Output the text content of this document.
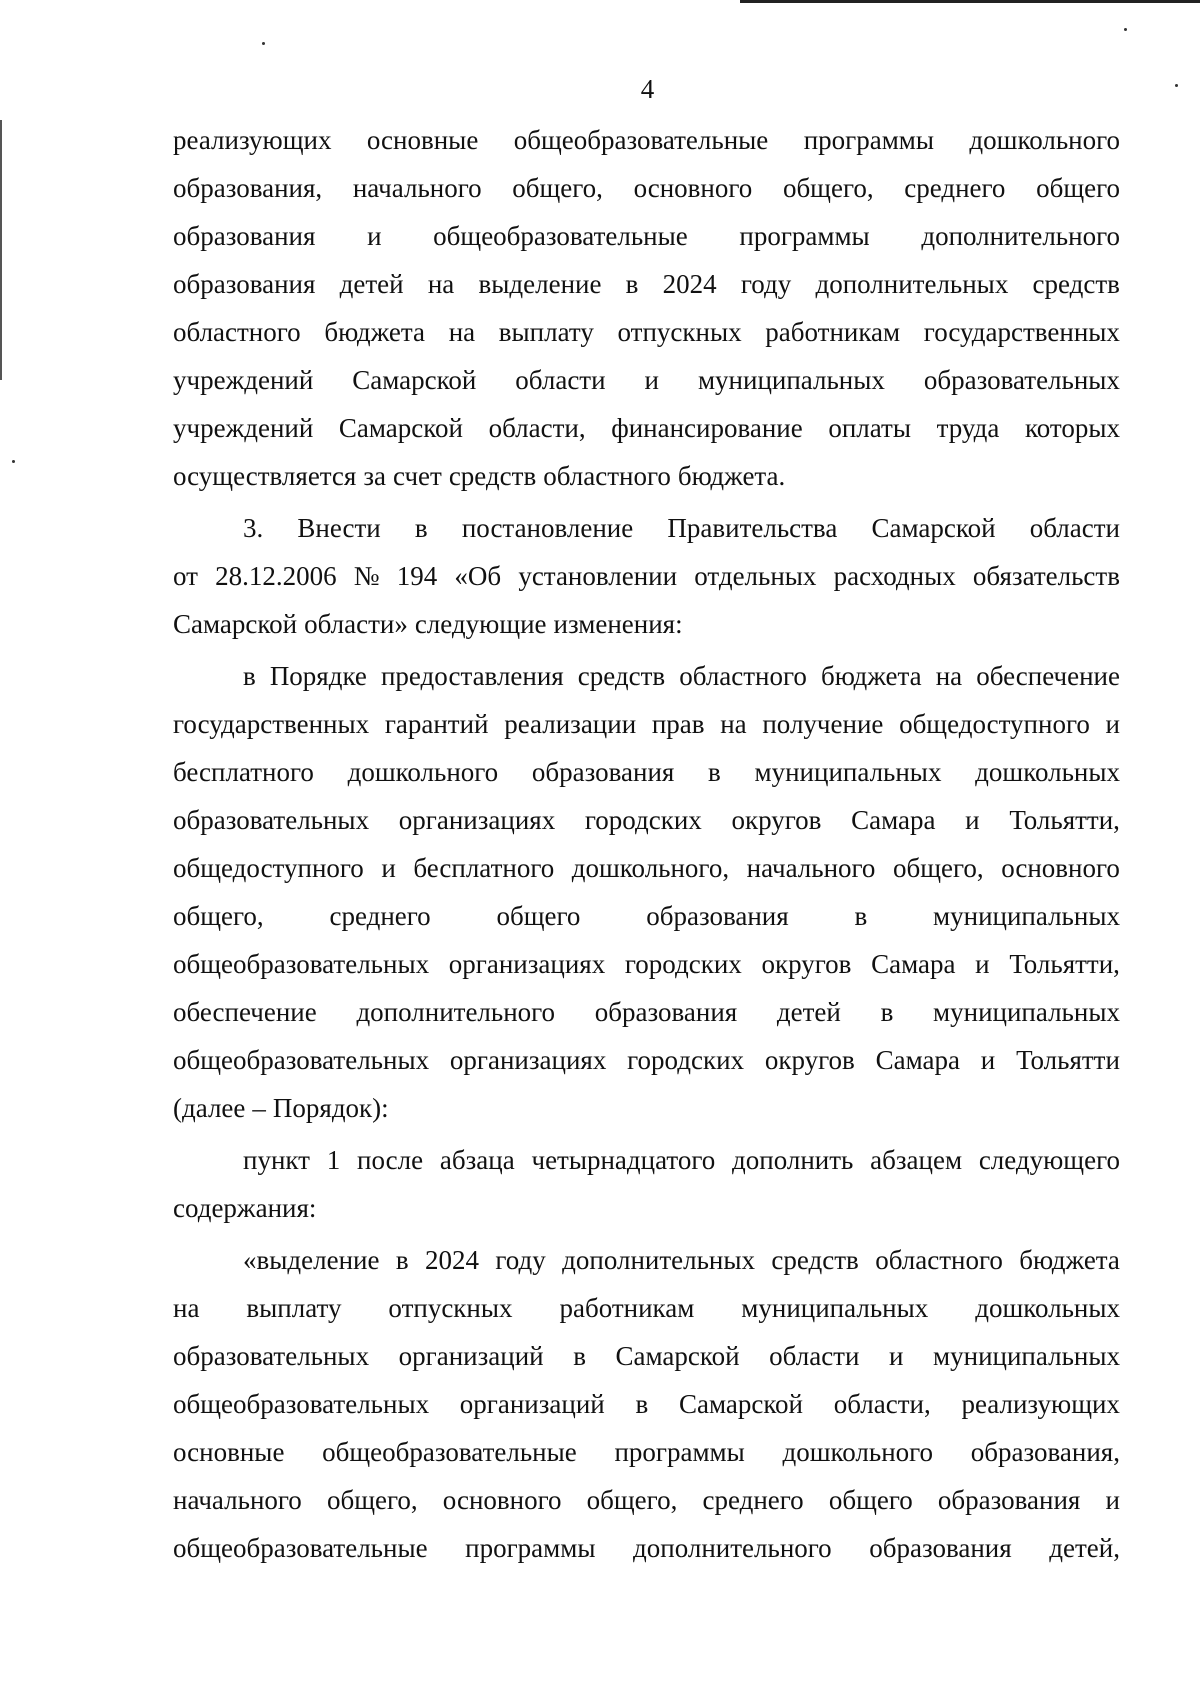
4
реализующих основные общеобразовательные программы дошкольного
образования, начального общего, основного общего, среднего общего
образования и общеобразовательные программы дополнительного
образования детей на выделение в 2024 году дополнительных средств
областного бюджета на выплату отпускных работникам государственных
учреждений Самарской области и муниципальных образовательных
учреждений Самарской области, финансирование оплаты труда которых
осуществляется за счет средств областного бюджета.
3. Внести в постановление Правительства Самарской области
от 28.12.2006 № 194 «Об установлении отдельных расходных обязательств
Самарской области» следующие изменения:
в Порядке предоставления средств областного бюджета на обеспечение
государственных гарантий реализации прав на получение общедоступного и
бесплатного дошкольного образования в муниципальных дошкольных
образовательных организациях городских округов Самара и Тольятти,
общедоступного и бесплатного дошкольного, начального общего, основного
общего, среднего общего образования в муниципальных
общеобразовательных организациях городских округов Самара и Тольятти,
обеспечение дополнительного образования детей в муниципальных
общеобразовательных организациях городских округов Самара и Тольятти
(далее – Порядок):
пункт 1 после абзаца четырнадцатого дополнить абзацем следующего
содержания:
«выделение в 2024 году дополнительных средств областного бюджета
на выплату отпускных работникам муниципальных дошкольных
образовательных организаций в Самарской области и муниципальных
общеобразовательных организаций в Самарской области, реализующих
основные общеобразовательные программы дошкольного образования,
начального общего, основного общего, среднего общего образования и
общеобразовательные программы дополнительного образования детей,
